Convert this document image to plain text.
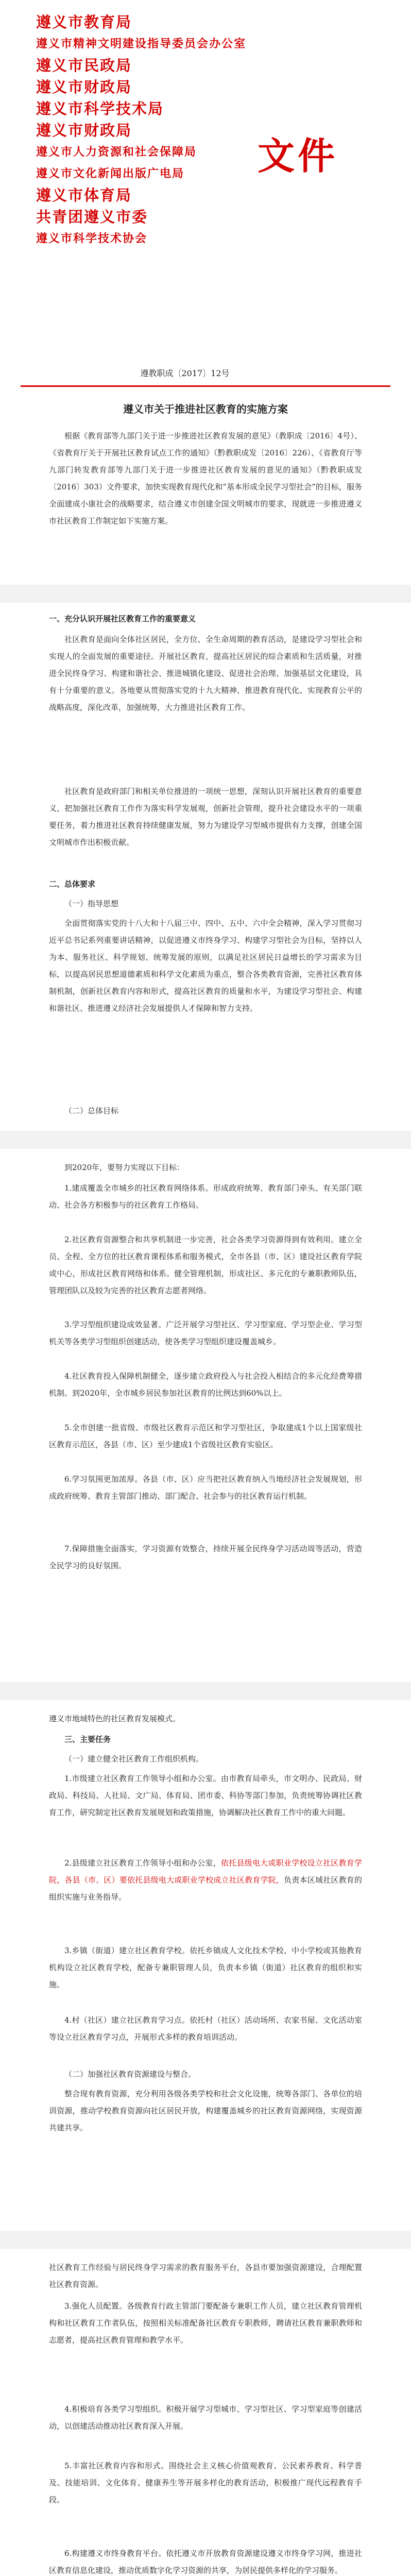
遵义市教育局
遵义市精神文明建设指导委员会办公室
遵义市民政局
遵义市财政局
遵义市科学技术局
遵义市财政局
遵义市人力资源和社会保障局
遵义市文化新闻出版广电局
遵义市体育局
共青团遵义市委
遵义市科学技术协会
文件
遵教职成〔2017〕12号
遵义市关于推进社区教育的实施方案
根据《教育部等九部门关于进一步推进社区教育发展的意见》（教职成〔2016〕4号）、《省教育厅关于开展社区教育试点工作的通知》（黔教职成发〔2016〕226）、《省教育厅等九部门转发教育部等九部门关于进一步推进社区教育发展的意见的通知》（黔教职成发〔2016〕303）文件要求，加快实现教育现代化和“基本形成全民学习型社会”的目标，服务全面建成小康社会的战略要求，结合遵义市创建全国文明城市的要求，现就进一步推进遵义市社区教育工作制定如下实施方案。
一、充分认识开展社区教育工作的重要意义
社区教育是面向全体社区居民，全方位、全生命周期的教育活动，是建设学习型社会和实现人的全面发展的重要途径。开展社区教育，提高社区居民的综合素质和生活质量，对推进全民终身学习、构建和谐社会、推进城镇化建设、促进社会治理、加强基层文化建设，具有十分重要的意义。各地要从贯彻落实党的十九大精神、推进教育现代化、实现教育公平的战略高度，深化改革，加强统筹，大力推进社区教育工作。
社区教育是政府部门和相关单位推进的一项统一思想，深刻认识开展社区教育的重要意义，把加强社区教育工作作为落实科学发展观，创新社会管理，提升社会建设水平的一项重要任务，着力推进社区教育持续健康发展，努力为建设学习型城市提供有力支撑，创建全国文明城市作出积极贡献。
二、总体要求
（一）指导思想
全面贯彻落实党的十八大和十八届三中、四中、五中、六中全会精神，深入学习贯彻习近平总书记系列重要讲话精神，以促进遵义市终身学习、构建学习型社会为目标，坚持以人为本、服务社区、科学规划、统筹发展的原则，以满足社区居民日益增长的学习需求为目标，以提高居民思想道德素质和科学文化素质为重点，整合各类教育资源，完善社区教育体制机制，创新社区教育内容和形式，提高社区教育的质量和水平，为建设学习型社会、构建和谐社区、推进遵义经济社会发展提供人才保障和智力支持。
（二）总体目标
到2020年，要努力实现以下目标：
1.建成覆盖全市城乡的社区教育网络体系。形成政府统筹、教育部门牵头、有关部门联动、社会各方积极参与的社区教育工作格局。
2.社区教育资源整合和共享机制进一步完善，社会各类学习资源得到有效利用。建立全员、全程、全方位的社区教育课程体系和服务模式，全市各县（市、区）建设社区教育学院或中心，形成社区教育网络和体系。健全管理机制，形成社区、多元化的专兼职教师队伍，管理团队以及较为完善的社区教育志愿者网络。
3.学习型组织建设成效显著。广泛开展学习型社区、学习型家庭、学习型企业、学习型机关等各类学习型组织创建活动，使各类学习型组织建设覆盖城乡。
4.社区教育投入保障机制健全，逐步建立政府投入与社会投入相结合的多元化经费筹措机制。到2020年，全市城乡居民参加社区教育的比例达到60%以上。
5.全市创建一批省级、市级社区教育示范区和学习型社区，争取建成1个以上国家级社区教育示范区，各县（市、区）至少建成1个省级社区教育实验区。
6.学习氛围更加浓厚。各县（市、区）应当把社区教育纳入当地经济社会发展规划，形成政府统筹、教育主管部门推动、部门配合、社会参与的社区教育运行机制。
7.保障措施全面落实，学习资源有效整合，持续开展全民终身学习活动周等活动，营造全民学习的良好氛围。
遵义市地域特色的社区教育发展模式。
三、主要任务
（一）建立健全社区教育工作组织机构。
1.市级建立社区教育工作领导小组和办公室。由市教育局牵头，市文明办、民政局、财政局、科技局、人社局、文广局、体育局、团市委、科协等部门参加，负责统筹协调社区教育工作，研究制定社区教育发展规划和政策措施，协调解决社区教育工作中的重大问题。
2.县级建立社区教育工作领导小组和办公室，依托县级电大或职业学校设立社区教育学院，各县（市、区）要依托县级电大或职业学校成立社区教育学院，负责本区域社区教育的组织实施与业务指导。
3.乡镇（街道）建立社区教育学校。依托乡镇成人文化技术学校、中小学校或其他教育机构设立社区教育学校，配备专兼职管理人员，负责本乡镇（街道）社区教育的组织和实施。
4.村（社区）建立社区教育学习点。依托村（社区）活动场所、农家书屋、文化活动室等设立社区教育学习点，开展形式多样的教育培训活动。
（二）加强社区教育资源建设与整合。
整合现有教育资源，充分利用各级各类学校和社会文化设施，统筹各部门、各单位的培训资源，推动学校教育资源向社区居民开放，构建覆盖城乡的社区教育资源网络，实现资源共建共享。
社区教育工作经验与居民终身学习需求的教育服务平台，各县市要加强资源建设，合理配置社区教育资源。
3.强化人员配置。各级教育行政主管部门要配备专兼职工作人员，建立社区教育管理机构和社区教育工作者队伍，按照相关标准配备社区教育专职教师，聘请社区教育兼职教师和志愿者，提高社区教育管理和教学水平。
4.积极培育各类学习型组织。积极开展学习型城市、学习型社区、学习型家庭等创建活动，以创建活动推动社区教育深入开展。
5.丰富社区教育内容和形式。围绕社会主义核心价值观教育、公民素养教育、科学普及、技能培训、文化体育、健康养生等开展多样化的教育活动，积极推广现代远程教育手段。
6.构建遵义市终身教育平台。依托遵义市开放教育资源建设遵义市终身学习网，推进社区教育信息化建设，推动优质数字化学习资源的共享，为居民提供多样化的学习服务。
